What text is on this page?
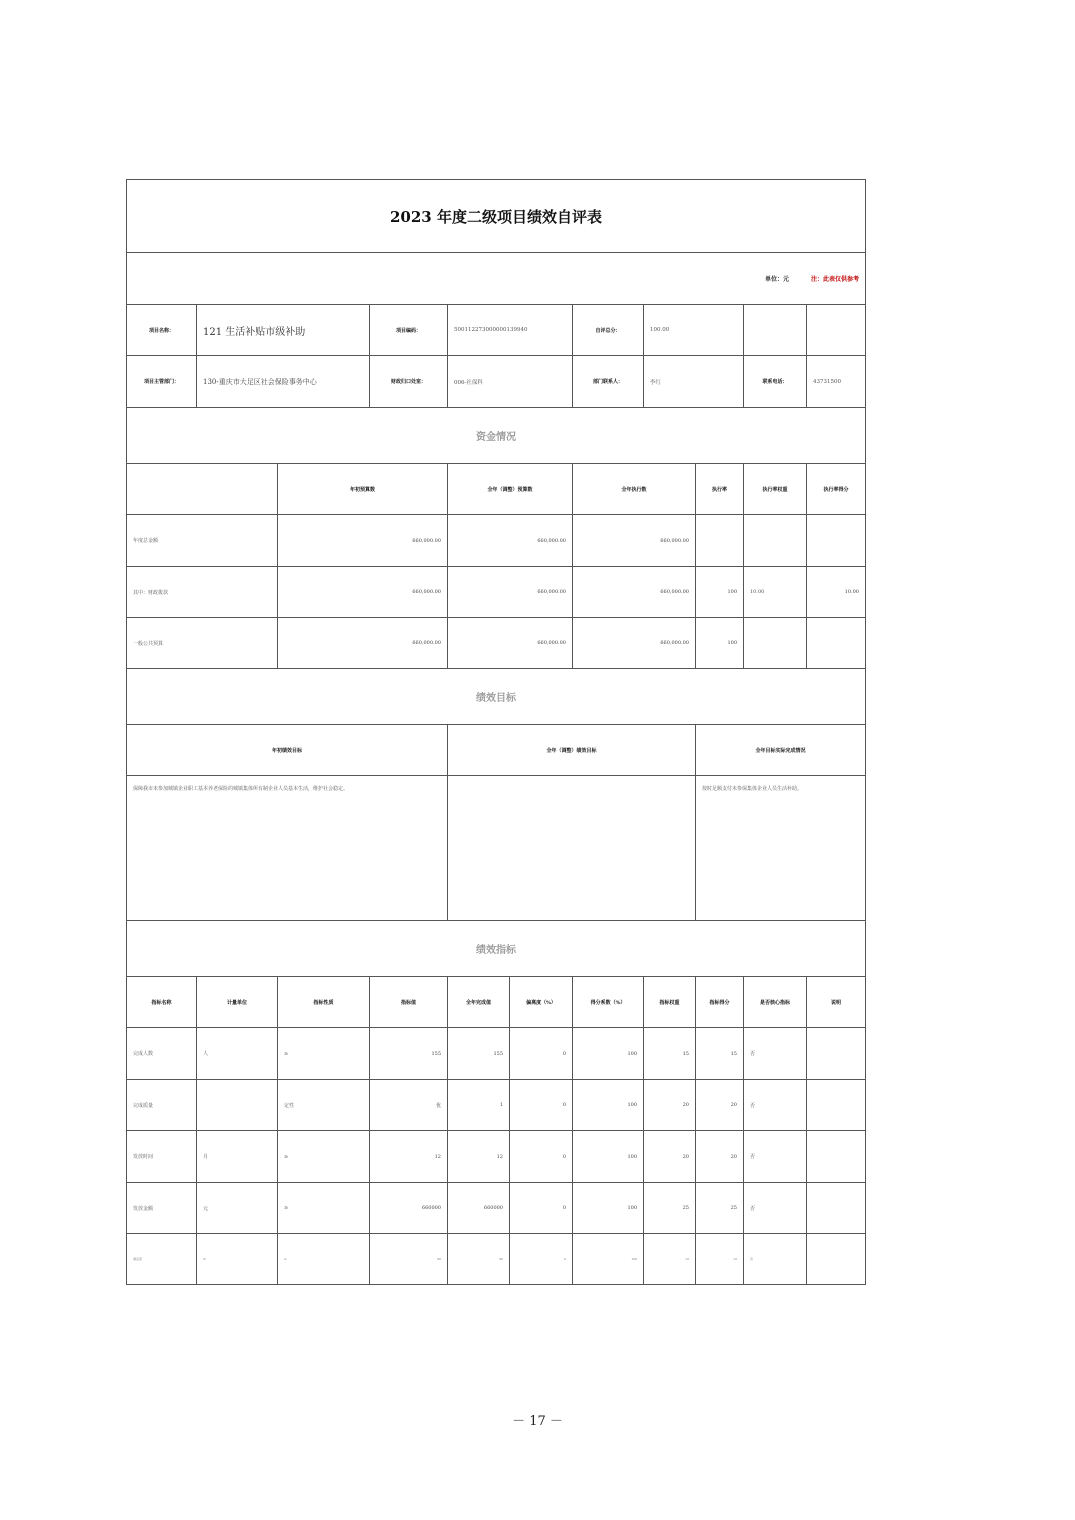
2023 年度二级项目绩效自评表										
单位：元 注：此表仅供参考										
项目名称：	121 生活补贴市级补助		项目编码：	500112273000000139940		自评总分：	100.00			
项目主管部门：	130-重庆市大足区社会保险事务中心		财政归口处室：	006-社保科		部门联系人：	李红		联系电话：	43731500
资金情况										
		年初预算数		全年（调整）预算数		全年执行数		执行率	执行率权重	执行率得分
年度总金额		660,000.00		660,000.00		660,000.00				
其中：财政拨款		660,000.00		660,000.00		660,000.00		100	10.00	10.00
一般公共预算		660,000.00		660,000.00		660,000.00		100		
绩效目标										
年初绩效目标				全年（调整）绩效目标				全年目标实际完成情况		
保障我市未参加城镇企业职工基本养老保险的城镇集体所有制企业人员基本生活，维护社会稳定。								按时足额支付未参保集体企业人员生活补助。		
绩效指标										
指标名称	计量单位	指标性质	指标值	全年完成值	偏离度（%）	得分系数（%）	指标权重	指标得分	是否核心指标	说明
完成人数	人	≥	155	155	0	100	15	15	否	
完成质量		定性	优	1	0	100	20	20	否	
发放时间	月	≥	12	12	0	100	20	20	否	
发放金额	元	≥	660000	660000	0	100	25	25	否	
满意度	%	≥	90	90	0	100	10	10	否	
－ 17 －
